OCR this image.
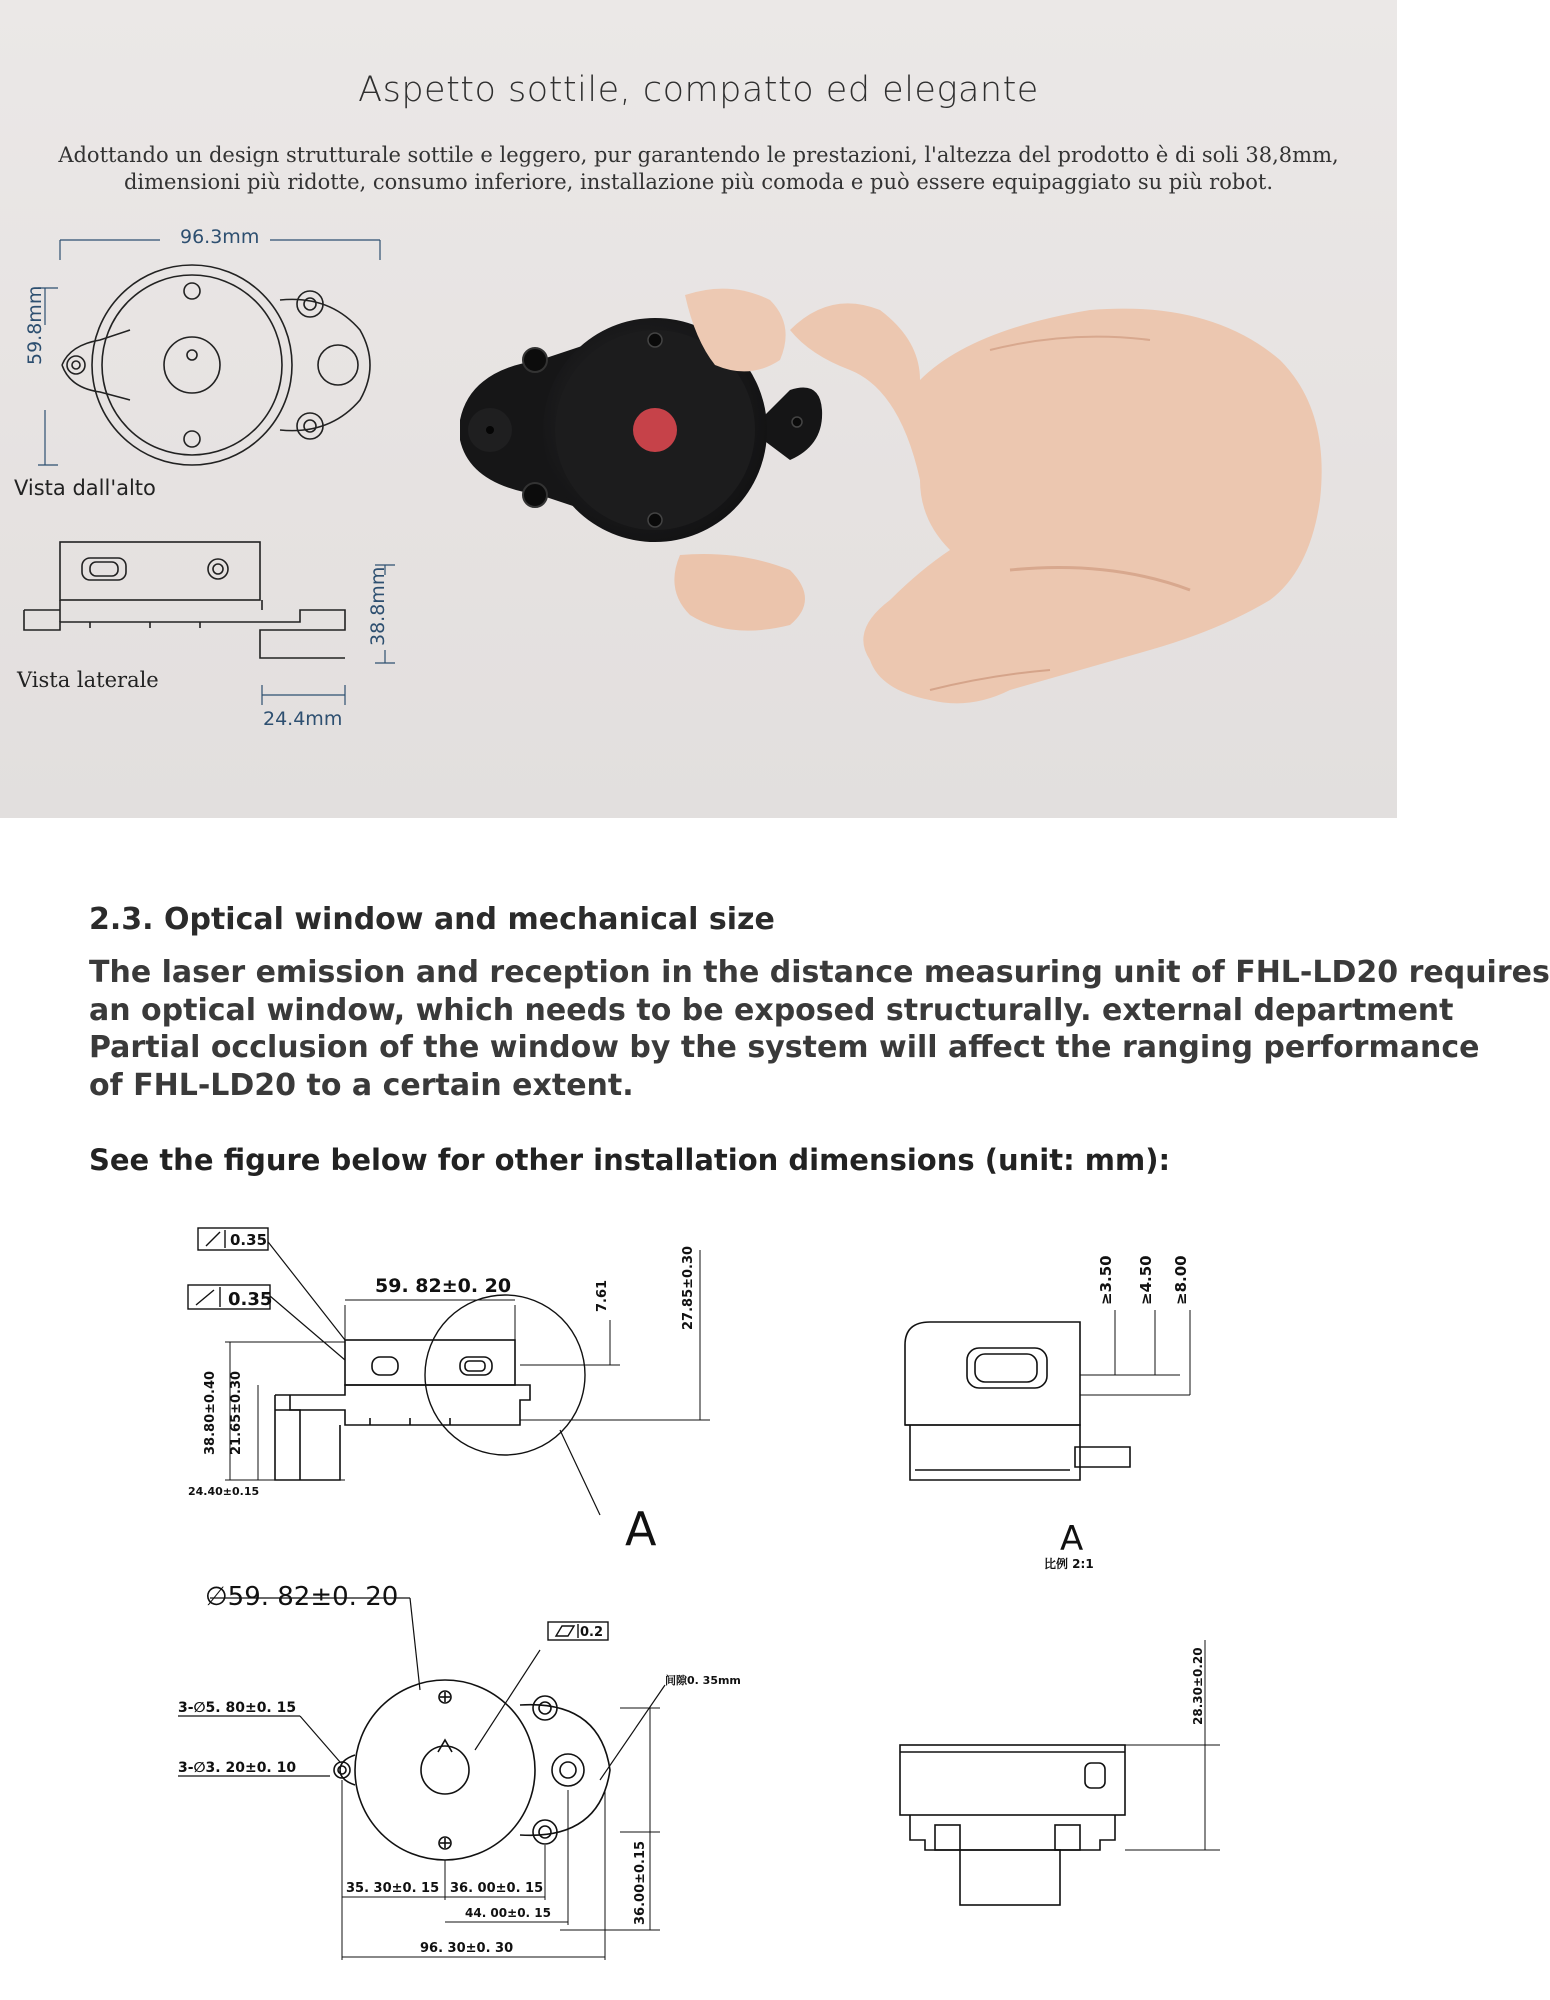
Aspetto sottile, compatto ed elegante
Adottando un design strutturale sottile e leggero, pur garantendo le prestazioni, l'altezza del prodotto è di soli 38,8mm,
dimensioni più ridotte, consumo inferiore, installazione più comoda e può essere equipaggiato su più robot.
96.3mm
59.8mm
Vista dall'alto
38.8mm
Vista laterale
24.4mm
2.3. Optical window and mechanical size
The laser emission and reception in the distance measuring unit of FHL-LD20 requires
an optical window, which needs to be exposed structurally. external department
Partial occlusion of the window by the system will affect the ranging performance
of FHL-LD20 to a certain extent.
See the figure below for other installation dimensions (unit: mm):
0.35
0.35
59. 82±0. 20	7.61	27.85±0.30
38.80±0.40 21.65±0.30
24.40±0.15
A	A
比例 2:1
≥3.50 ≥4.50 ≥8.00
∅59. 82±0. 20
0.2
间隙0. 35mm
3-∅5. 80±0. 15
3-∅3. 20±0. 10
35. 30±0. 15 36. 00±0. 15
44. 00±0. 15
96. 30±0. 30
36.00±0.15
28.30±0.20
